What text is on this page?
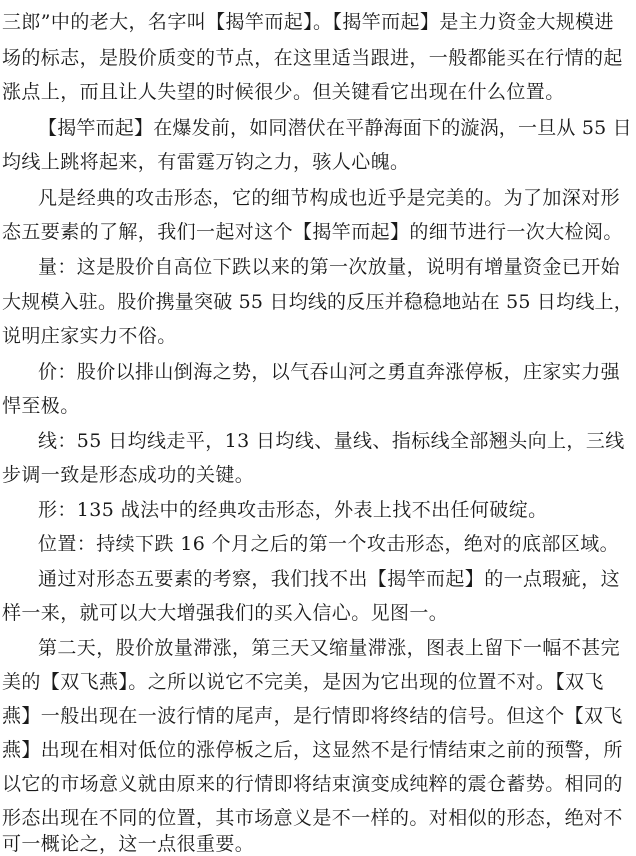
三郎”中的老大，名字叫【揭竿而起】。【揭竿而起】是主力资金大规模进
场的标志，是股价质变的节点，在这里适当跟进，一般都能买在行情的起
涨点上，而且让人失望的时候很少。但关键看它出现在什么位置。
【揭竿而起】在爆发前，如同潜伏在平静海面下的漩涡，一旦从 55 日
均线上跳将起来，有雷霆万钧之力，骇人心魄。
凡是经典的攻击形态，它的细节构成也近乎是完美的。为了加深对形
态五要素的了解，我们一起对这个【揭竿而起】的细节进行一次大检阅。
量：这是股价自高位下跌以来的第一次放量，说明有增量资金已开始
大规模入驻。股价携量突破 55 日均线的反压并稳稳地站在 55 日均线上，
说明庄家实力不俗。
价：股价以排山倒海之势，以气吞山河之勇直奔涨停板，庄家实力强
悍至极。
线：55 日均线走平，13 日均线、量线、指标线全部翘头向上，三线
步调一致是形态成功的关键。
形：135 战法中的经典攻击形态，外表上找不出任何破绽。
位置：持续下跌 16 个月之后的第一个攻击形态，绝对的底部区域。
通过对形态五要素的考察，我们找不出【揭竿而起】的一点瑕疵，这
样一来，就可以大大增强我们的买入信心。见图一。
第二天，股价放量滞涨，第三天又缩量滞涨，图表上留下一幅不甚完
美的【双飞燕】。之所以说它不完美，是因为它出现的位置不对。【双飞
燕】一般出现在一波行情的尾声，是行情即将终结的信号。但这个【双飞
燕】出现在相对低位的涨停板之后，这显然不是行情结束之前的预警，所
以它的市场意义就由原来的行情即将结束演变成纯粹的震仓蓄势。相同的
形态出现在不同的位置，其市场意义是不一样的。对相似的形态，绝对不
可一概论之，这一点很重要。
